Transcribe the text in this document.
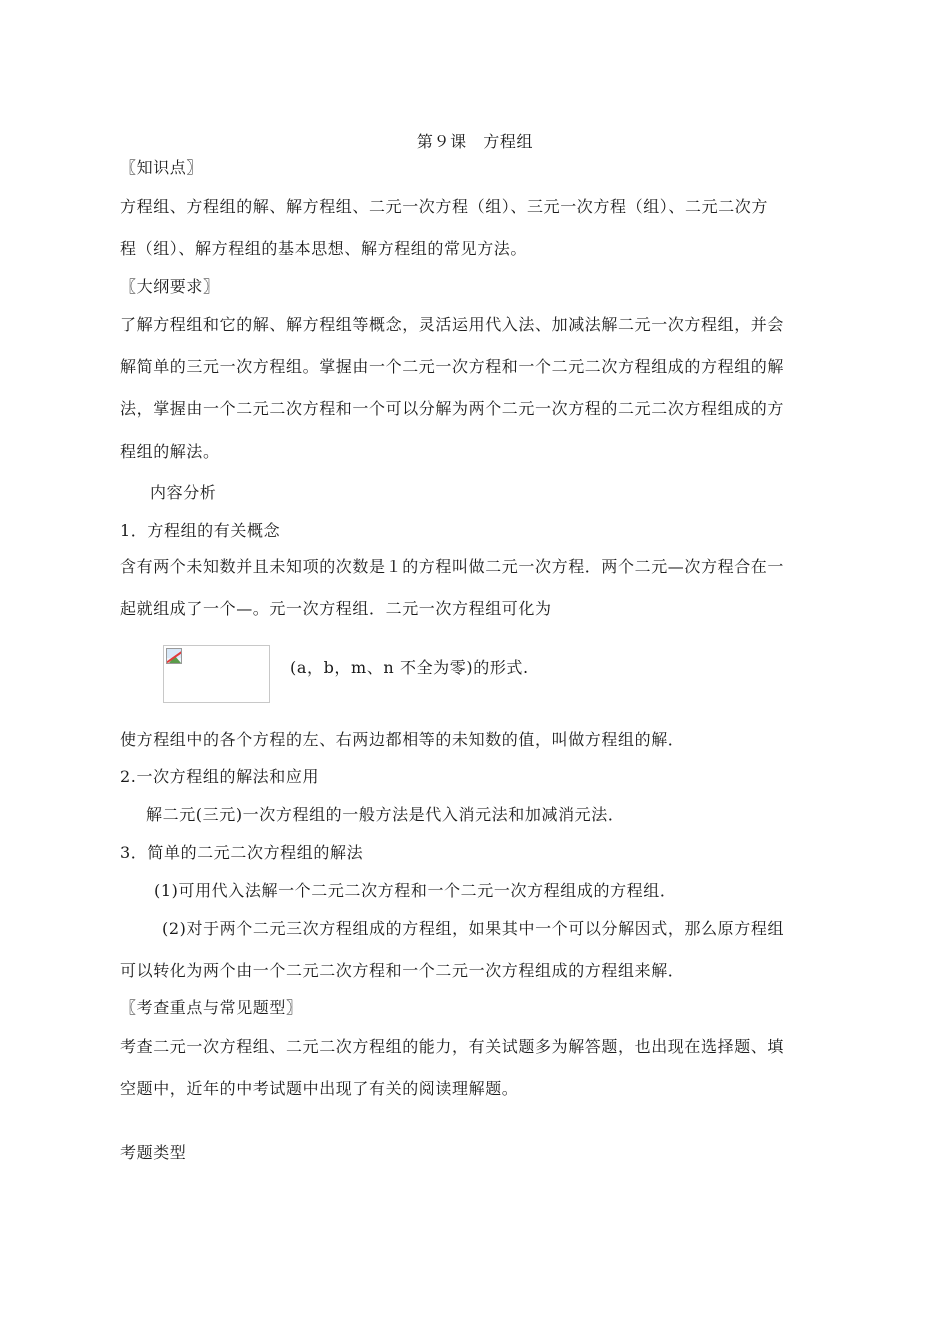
第９课　方程组
〖知识点〗
方程组、方程组的解、解方程组、二元一次方程（组）、三元一次方程（组）、二元二次方
程（组）、解方程组的基本思想、解方程组的常见方法。
〖大纲要求〗
了解方程组和它的解、解方程组等概念，灵活运用代入法、加减法解二元一次方程组，并会
解简单的三元一次方程组。掌握由一个二元一次方程和一个二元二次方程组成的方程组的解
法，掌握由一个二元二次方程和一个可以分解为两个二元一次方程的二元二次方程组成的方
程组的解法。
内容分析
1．方程组的有关概念
含有两个未知数并且未知项的次数是１的方程叫做二元一次方程．两个二元—次方程合在一
起就组成了一个—。元一次方程组．二元一次方程组可化为
(a，b，m、n 不全为零)的形式.
使方程组中的各个方程的左、右两边都相等的未知数的值，叫做方程组的解．
2.一次方程组的解法和应用
解二元(三元)一次方程组的一般方法是代入消元法和加减消元法．
3．简单的二元二次方程组的解法
(1)可用代入法解一个二元二次方程和一个二元一次方程组成的方程组．
(2)对于两个二元三次方程组成的方程组，如果其中一个可以分解因式，那么原方程组
可以转化为两个由一个二元二次方程和一个二元一次方程组成的方程组来解．
〖考查重点与常见题型〗
考查二元一次方程组、二元二次方程组的能力，有关试题多为解答题，也出现在选择题、填
空题中，近年的中考试题中出现了有关的阅读理解题。
考题类型
